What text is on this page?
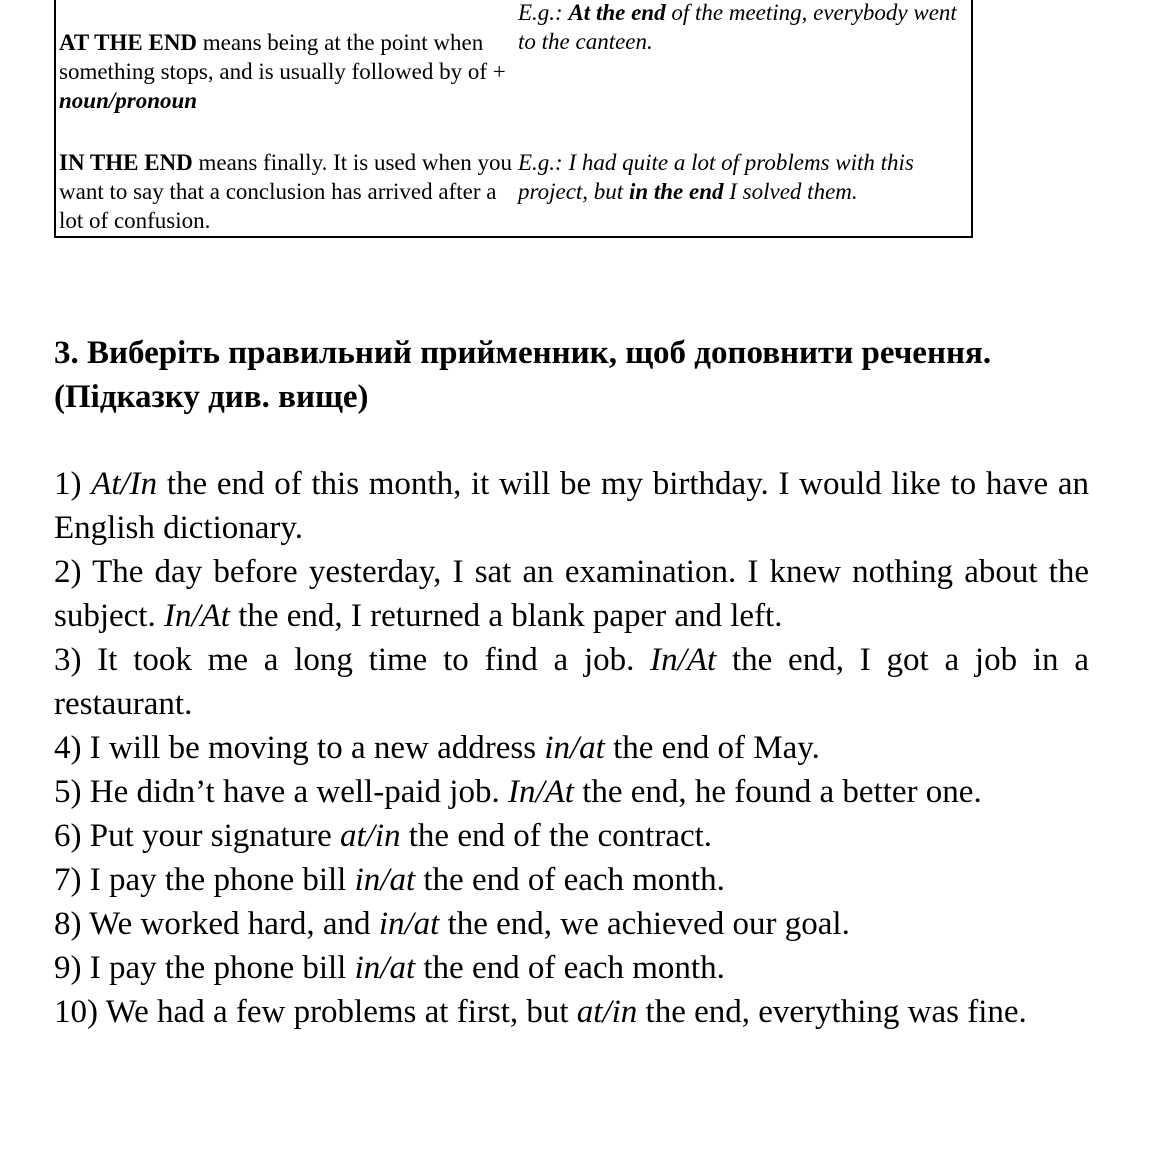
AT THE END means being at the point when something stops, and is usually followed by of + noun/pronoun
E.g.: At the end of the meeting, everybody went to the canteen.
IN THE END means finally. It is used when you want to say that a conclusion has arrived after a lot of confusion.
E.g.: I had quite a lot of problems with this project, but in the end I solved them.
3. Виберіть правильний прийменник, щоб доповнити речення. (Підказку див. вище)
1) At/In the end of this month, it will be my birthday. I would like to have an English dictionary.
2) The day before yesterday, I sat an examination. I knew nothing about the subject. In/At the end, I returned a blank paper and left.
3) It took me a long time to find a job. In/At the end, I got a job in a restaurant.
4) I will be moving to a new address in/at the end of May.
5) He didn’t have a well-paid job. In/At the end, he found a better one.
6) Put your signature at/in the end of the contract.
7) I pay the phone bill in/at the end of each month.
8) We worked hard, and in/at the end, we achieved our goal.
9) I pay the phone bill in/at the end of each month.
10) We had a few problems at first, but at/in the end, everything was fine.
